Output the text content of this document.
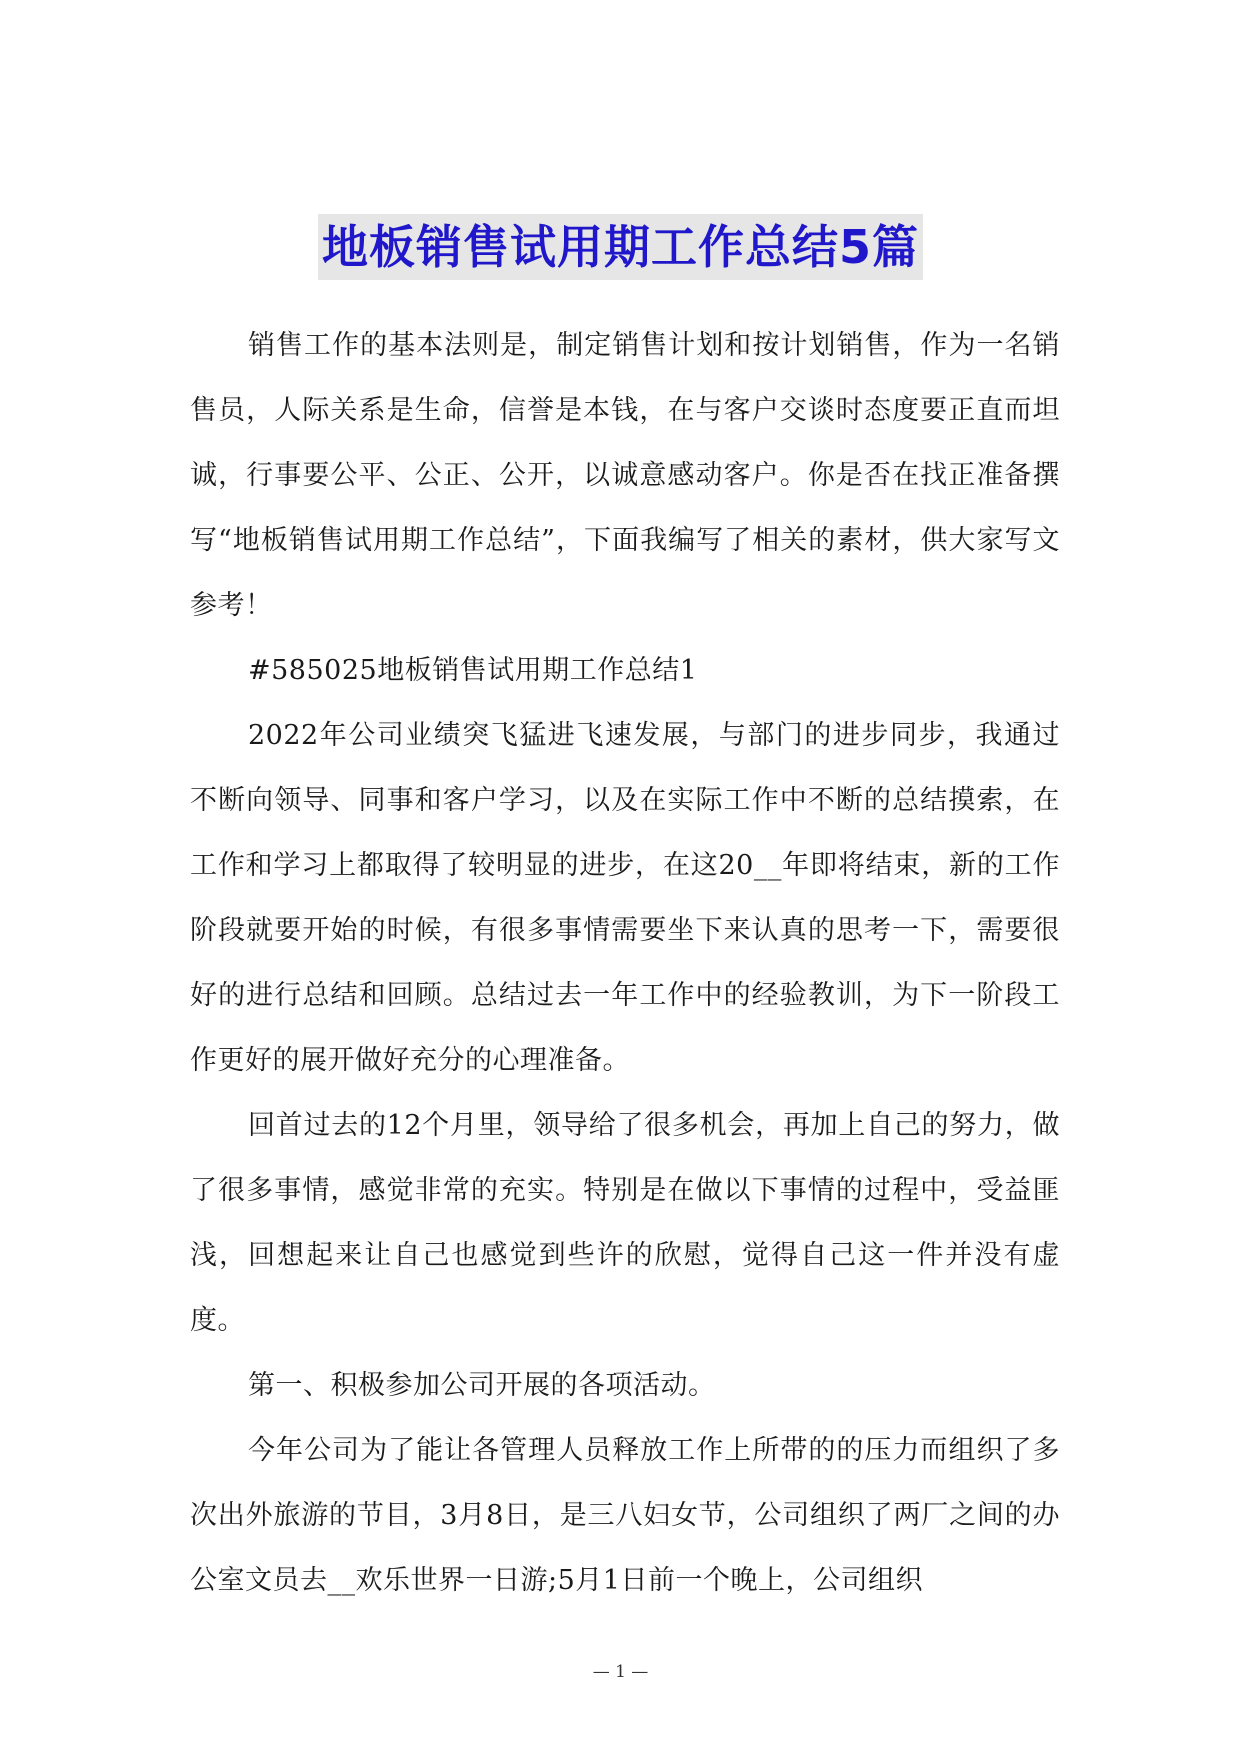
地板销售试用期工作总结5篇

销售工作的基本法则是，制定销售计划和按计划销售，作为一名销售员，人际关系是生命，信誉是本钱，在与客户交谈时态度要正直而坦诚，行事要公平、公正、公开，以诚意感动客户。你是否在找正准备撰写“地板销售试用期工作总结”，下面我编写了相关的素材，供大家写文参考！

#585025地板销售试用期工作总结1

2022年公司业绩突飞猛进飞速发展，与部门的进步同步，我通过不断向领导、同事和客户学习，以及在实际工作中不断的总结摸索，在工作和学习上都取得了较明显的进步，在这20__年即将结束，新的工作阶段就要开始的时候，有很多事情需要坐下来认真的思考一下，需要很好的进行总结和回顾。总结过去一年工作中的经验教训，为下一阶段工作更好的展开做好充分的心理准备。

回首过去的12个月里，领导给了很多机会，再加上自己的努力，做了很多事情，感觉非常的充实。特别是在做以下事情的过程中，受益匪浅，回想起来让自己也感觉到些许的欣慰，觉得自己这一件并没有虚度。

第一、积极参加公司开展的各项活动。

今年公司为了能让各管理人员释放工作上所带的的压力而组织了多次出外旅游的节目，3月8日，是三八妇女节，公司组织了两厂之间的办公室文员去__欢乐世界一日游;5月1日前一个晚上，公司组织

— 1 —
